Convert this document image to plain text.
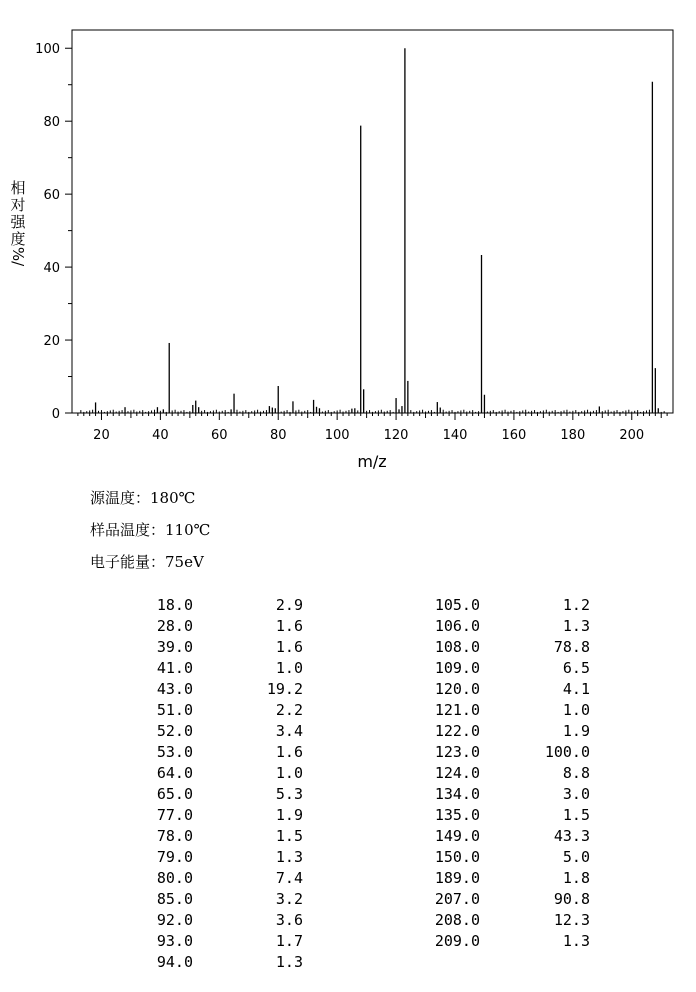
0
20
40
60
80
100
20	40	60	80	100	120	140	160	180	200
m/z
相
对
强
度
%/
源温度：180℃
样品温度：110℃
电子能量：75eV
18.0	2.9
28.0	1.6
39.0	1.6
41.0	1.0
43.0	19.2
51.0	2.2
52.0	3.4
53.0	1.6
64.0	1.0
65.0	5.3
77.0	1.9
78.0	1.5
79.0	1.3
80.0	7.4
85.0	3.2
92.0	3.6
93.0	1.7
94.0	1.3
105.0	1.2
106.0	1.3
108.0	78.8
109.0	6.5
120.0	4.1
121.0	1.0
122.0	1.9
123.0	100.0
124.0	8.8
134.0	3.0
135.0	1.5
149.0	43.3
150.0	5.0
189.0	1.8
207.0	90.8
208.0	12.3
209.0	1.3
